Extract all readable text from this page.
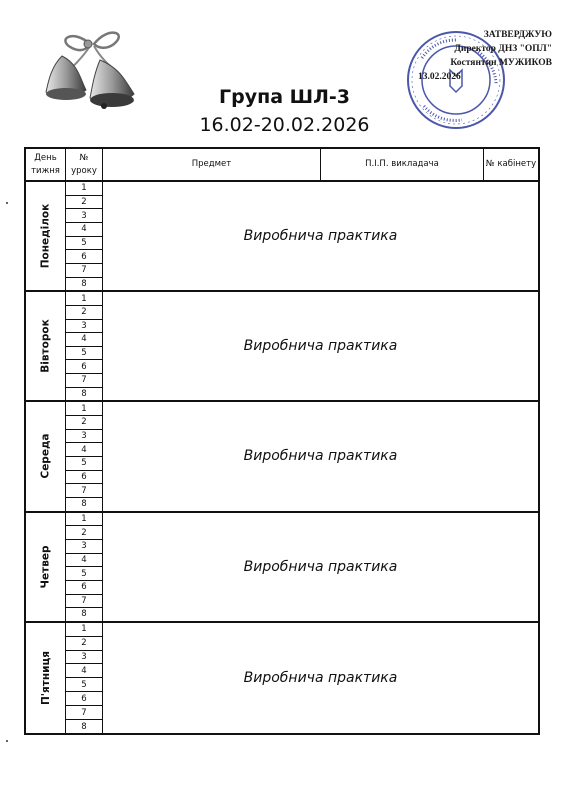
ЗАТВЕРДЖУЮ
Директор ДНЗ "ОПЛ"
Костянтин МУЖИКОВ
13.02.2026
Група ШЛ-3
16.02-20.02.2026
День тижня
№ уроку
Предмет	П.І.П. викладача	№ кабінету
Понеділок
1
2
3
4
5
6
7
8
Виробнича практика
Вівторок
1
2
3
4
5
6
7
8
Виробнича практика
Середа
1
2
3
4
5
6
7
8
Виробнича практика
Четвер
1
2
3
4
5
6
7
8
Виробнича практика
П'ятниця
1
2
3
4
5
6
7
8
Виробнича практика
